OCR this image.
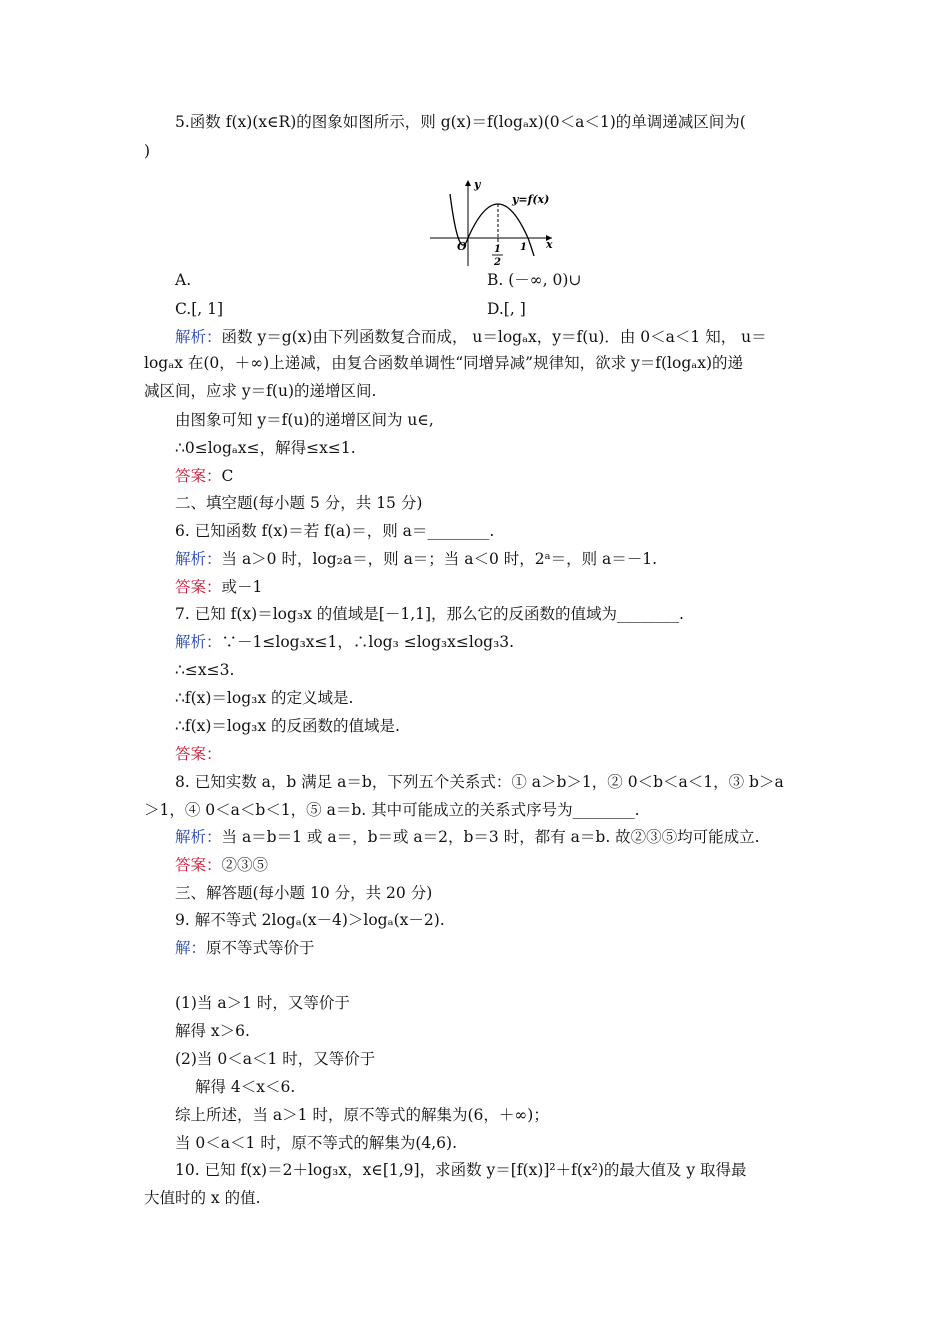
5.函数 f(x)(x∈R)的图象如图所示，则 g(x)＝f(logₐx)(0＜a＜1)的单调递减区间为(
)
A.	B. (－∞, 0)∪
C.[, 1]	D.[, ]
解析：函数 y＝g(x)由下列函数复合而成， u＝logₐx，y＝f(u)．由 0＜a＜1 知， u＝
logₐx 在(0，＋∞)上递减，由复合函数单调性“同增异减”规律知，欲求 y＝f(logₐx)的递
减区间，应求 y＝f(u)的递增区间.
由图象可知 y＝f(u)的递增区间为 u∈,
∴0≤logₐx≤，解得≤x≤1.
答案：C
二、填空题(每小题 5 分，共 15 分)
6. 已知函数 f(x)＝若 f(a)＝，则 a＝________.
解析：当 a＞0 时，log₂a＝，则 a＝；当 a＜0 时，2ᵃ＝，则 a＝－1.
答案：或－1
7. 已知 f(x)＝log₃x 的值域是[－1,1]，那么它的反函数的值域为________.
解析：∵－1≤log₃x≤1，∴log₃ ≤log₃x≤log₃3.
∴≤x≤3.
∴f(x)＝log₃x 的定义域是.
∴f(x)＝log₃x 的反函数的值域是.
答案：
8. 已知实数 a，b 满足 a＝b，下列五个关系式：① a＞b＞1，② 0＜b＜a＜1，③ b＞a
＞1，④ 0＜a＜b＜1，⑤ a＝b. 其中可能成立的关系式序号为________.
解析：当 a＝b＝1 或 a＝，b＝或 a＝2，b＝3 时，都有 a＝b. 故②③⑤均可能成立.
答案：②③⑤
三、解答题(每小题 10 分，共 20 分)
9. 解不等式 2logₐ(x－4)＞logₐ(x－2).
解：原不等式等价于
(1)当 a＞1 时，又等价于
解得 x＞6.
(2)当 0＜a＜1 时，又等价于
解得 4＜x＜6.
综上所述，当 a＞1 时，原不等式的解集为(6，＋∞)；
当 0＜a＜1 时，原不等式的解集为(4,6).
10. 已知 f(x)＝2＋log₃x，x∈[1,9]，求函数 y＝[f(x)]²＋f(x²)的最大值及 y 取得最
大值时的 x 的值.
y
x
O
y=f(x)
1
2
1
